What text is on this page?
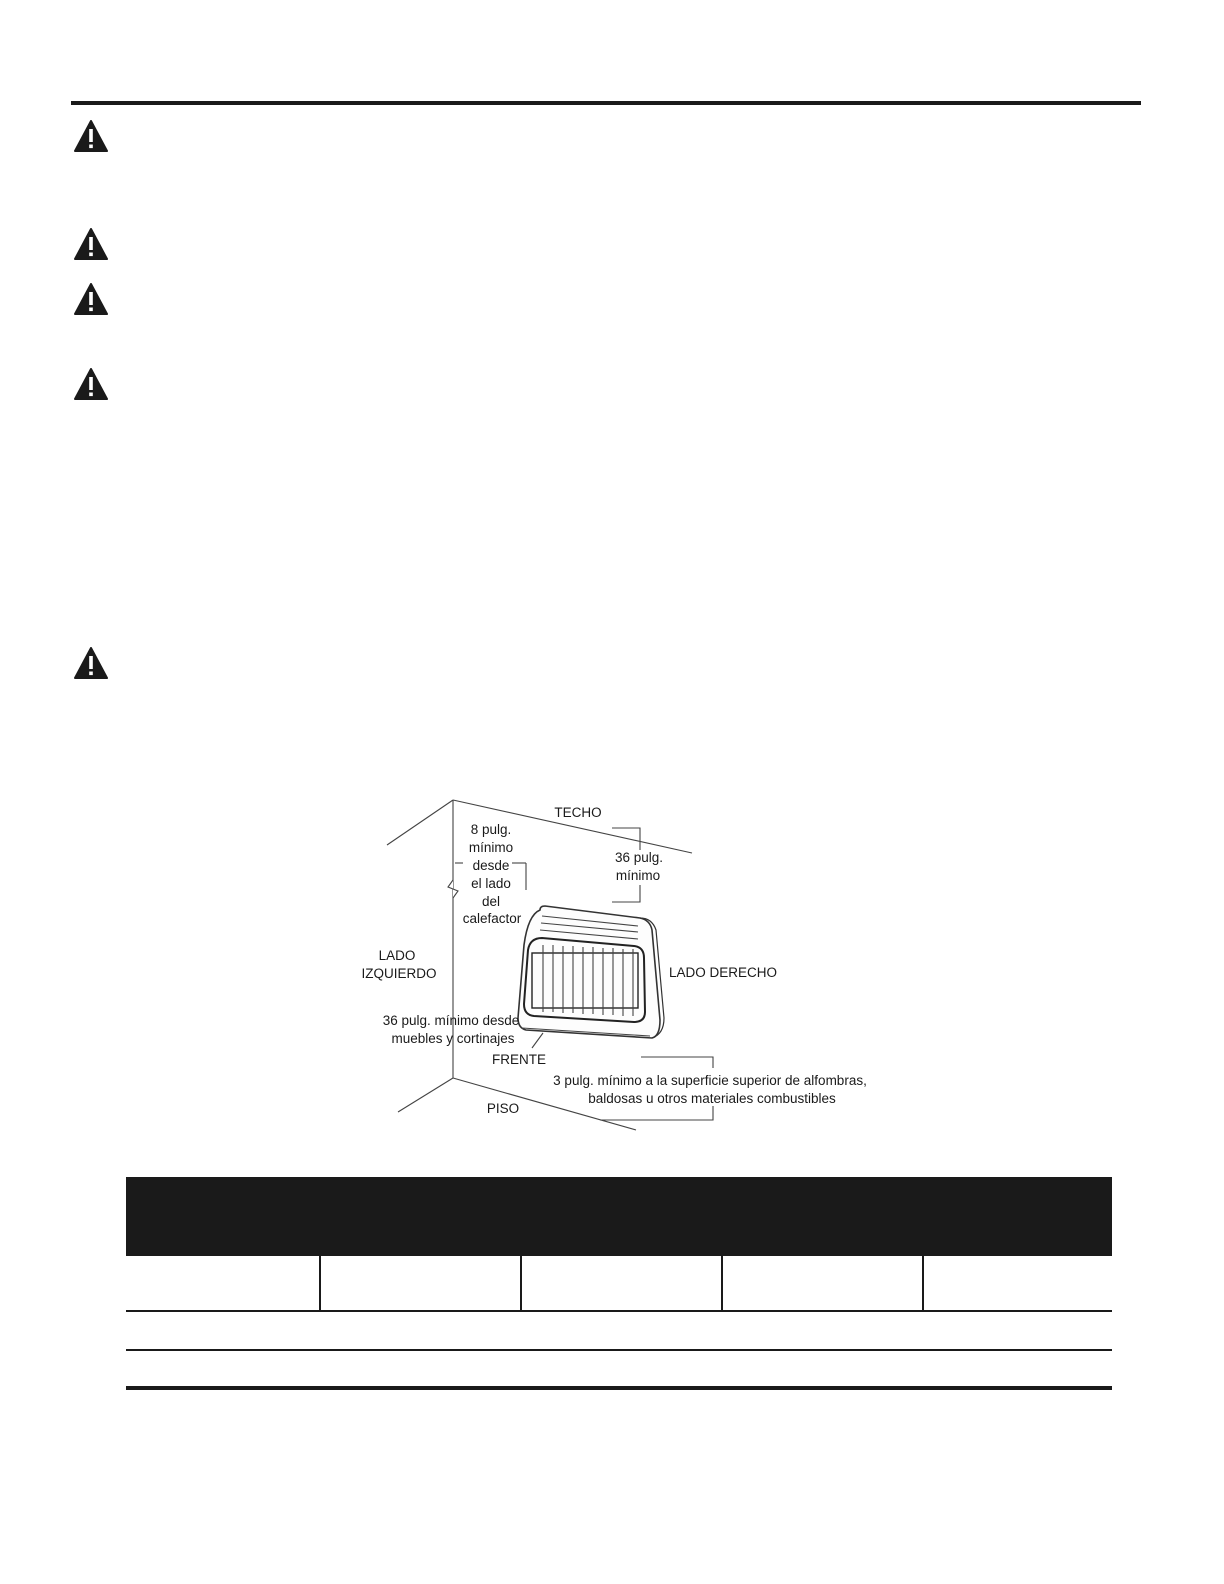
TECHO
8 pulg.
mínimo
desde
el lado
del
calefactor
36 pulg.
mínimo
LADO
IZQUIERDO	LADO DERECHO
36 pulg. mínimo desde
muebles y cortinajes
FRENTE
3 pulg. mínimo a la superficie superior de alfombras,
baldosas u otros materiales combustibles
PISO
